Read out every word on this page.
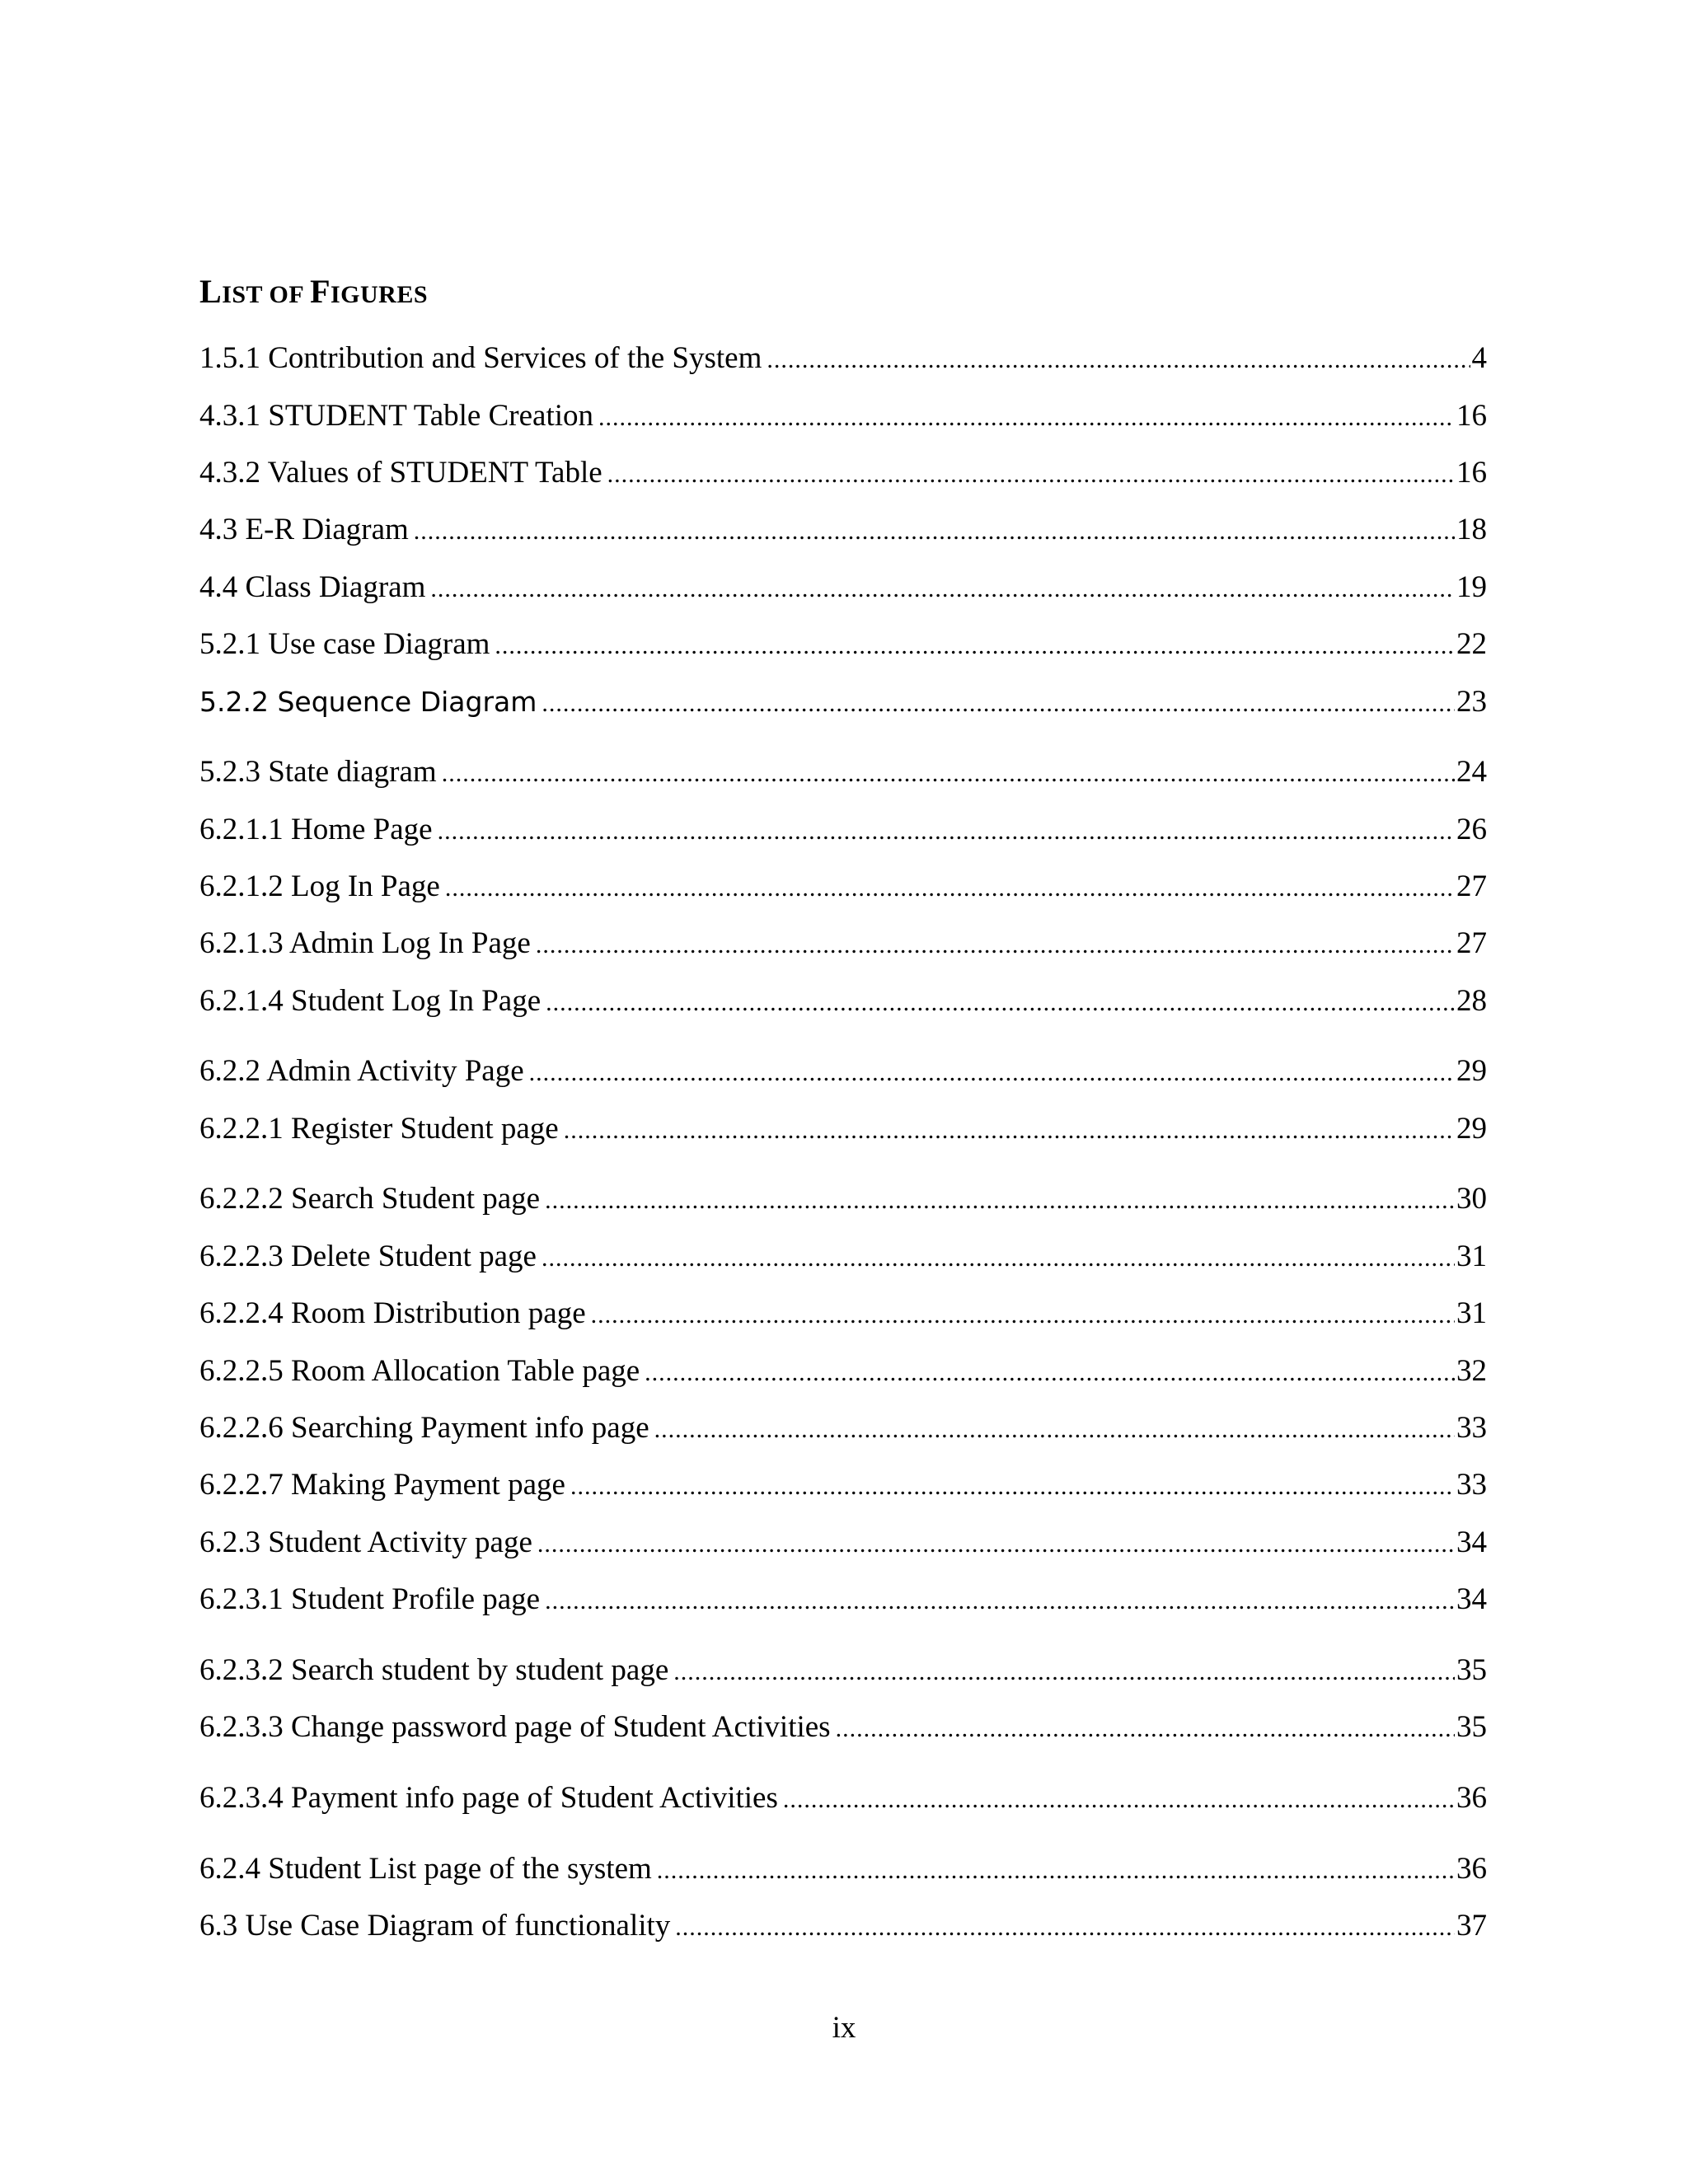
LIST OF FIGURES
1.5.1 Contribution and Services of the System .....	4
4.3.1 STUDENT Table Creation .....	16
4.3.2 Values of STUDENT Table .....	16
4.3 E-R Diagram .....	18
4.4 Class Diagram .....	19
5.2.1 Use case Diagram .....	22
5.2.2 Sequence Diagram .....	23
5.2.3 State diagram .....	24
6.2.1.1 Home Page .....	26
6.2.1.2 Log In Page .....	27
6.2.1.3 Admin Log In Page .....	27
6.2.1.4 Student Log In Page .....	28
6.2.2 Admin Activity Page .....	29
6.2.2.1 Register Student page .....	29
6.2.2.2 Search Student page .....	30
6.2.2.3 Delete Student page .....	31
6.2.2.4 Room Distribution page .....	31
6.2.2.5 Room Allocation Table page .....	32
6.2.2.6 Searching Payment info page .....	33
6.2.2.7 Making Payment page .....	33
6.2.3 Student Activity page .....	34
6.2.3.1 Student Profile page .....	34
6.2.3.2 Search student by student page .....	35
6.2.3.3 Change password page of Student Activities .....	35
6.2.3.4 Payment info page of Student Activities .....	36
6.2.4 Student List page of the system .....	36
6.3 Use Case Diagram of functionality .....	37
ix
